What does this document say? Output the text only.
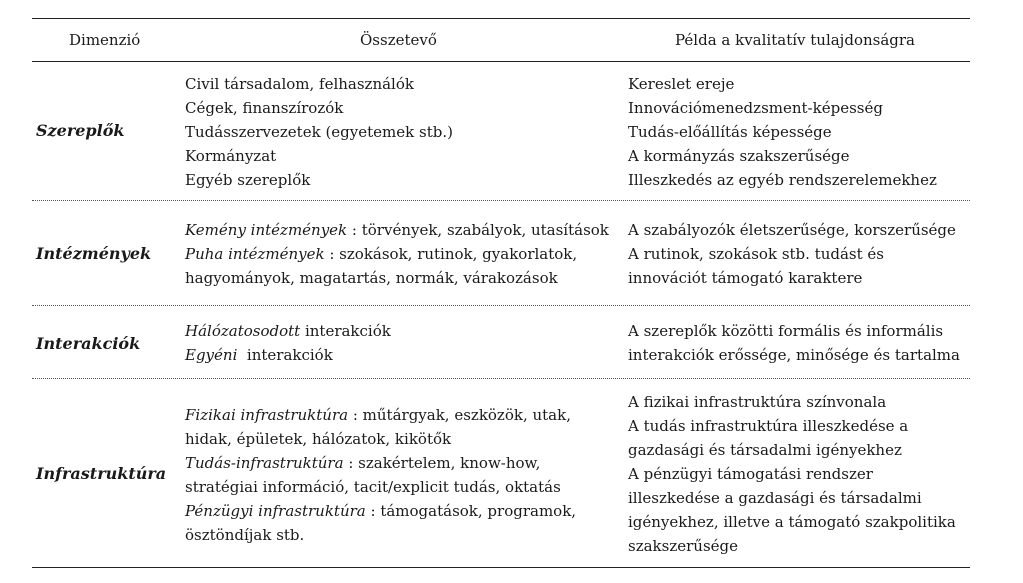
Dimenzió	Összetevő	Példa a kvalitatív tulajdonságra
Szereplők
Civil társadalom, felhasználók
Cégek, finanszírozók
Tudásszervezetek (egyetemek stb.)
Kormányzat
Egyéb szereplők
Kereslet ereje
Innovációmenedzsment-képesség
Tudás-előállítás képessége
A kormányzás szakszerűsége
Illeszkedés az egyéb rendszerelemekhez
Intézmények
Kemény intézmények : törvények, szabályok, utasítások
Puha intézmények : szokások, rutinok, gyakorlatok,
hagyományok, magatartás, normák, várakozások
A szabályozók életszerűsége, korszerűsége
A rutinok, szokások stb. tudást és
innovációt támogató karaktere
Interakciók
Hálózatosodott interakciók
Egyéni  interakciók
A szereplők közötti formális és informális
interakciók erőssége, minősége és tartalma
Infrastruktúra
Fizikai infrastruktúra : műtárgyak, eszközök, utak,
hidak, épületek, hálózatok, kikötők
Tudás-infrastruktúra : szakértelem, know-how,
stratégiai információ, tacit/explicit tudás, oktatás
Pénzügyi infrastruktúra : támogatások, programok,
ösztöndíjak stb.
A fizikai infrastruktúra színvonala
A tudás infrastruktúra illeszkedése a
gazdasági és társadalmi igényekhez
A pénzügyi támogatási rendszer
illeszkedése a gazdasági és társadalmi
igényekhez, illetve a támogató szakpolitika
szakszerűsége
